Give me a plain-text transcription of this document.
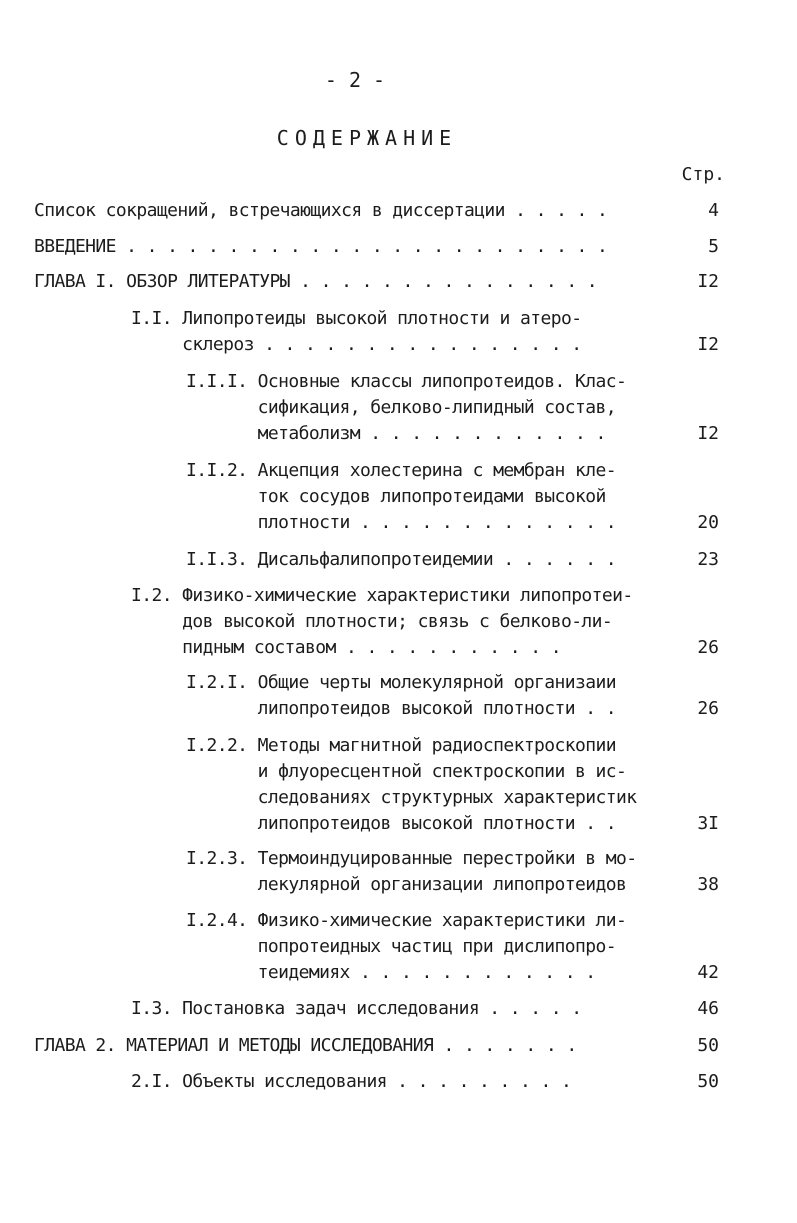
- 2 -
СОДЕРЖАНИЕ
Стр.
Список сокращений, встречающихся в диссертации . . . . .	4
ВВЕДЕНИЕ . . . . . . . . . . . . . . . . . . . . . . . .	5
ГЛАВА I. ОБЗОР ЛИТЕРАТУРЫ . . . . . . . . . . . . . . .	I2
I.I. Липопротеиды высокой плотности и атеро-
склероз . . . . . . . . . . . . . . . .	I2
I.I.I. Основные классы липопротеидов. Клас-
сификация, белково-липидный состав,
метаболизм . . . . . . . . . . . .	I2
I.I.2. Акцепция холестерина с мембран кле-
ток сосудов липопротеидами высокой
плотности . . . . . . . . . . . . .	20
I.I.3. Дисальфалипопротеидемии . . . . . .	23
I.2. Физико-химические характеристики липопротеи-
дов высокой плотности; связь с белково-ли-
пидным составом . . . . . . . . . . .	26
I.2.I. Общие черты молекулярной организаии
липопротеидов высокой плотности . .	26
I.2.2. Методы магнитной радиоспектроскопии
и флуоресцентной спектроскопии в ис-
следованиях структурных характеристик
липопротеидов высокой плотности . .	3I
I.2.3. Термоиндуцированные перестройки в мо-
лекулярной организации липопротеидов	38
I.2.4. Физико-химические характеристики ли-
попротеидных частиц при дислипопро-
теидемиях . . . . . . . . . . . .	42
I.3. Постановка задач исследования . . . . .	46
ГЛАВА 2. МАТЕРИАЛ И МЕТОДЫ ИССЛЕДОВАНИЯ . . . . . . .	50
2.I. Объекты исследования . . . . . . . . .	50
